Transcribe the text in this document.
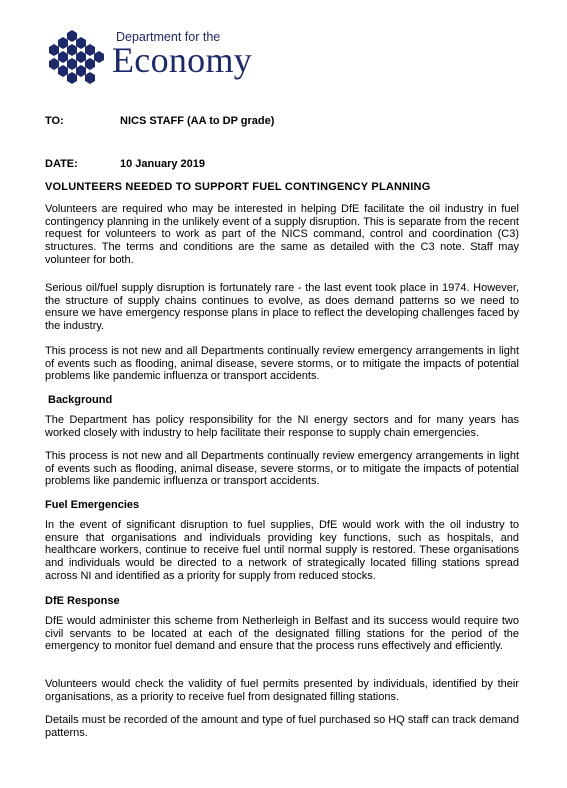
Department for the
Economy
TO:	NICS STAFF (AA to DP grade)
DATE:	10 January 2019
VOLUNTEERS NEEDED TO SUPPORT FUEL CONTINGENCY PLANNING

Volunteers are required who may be interested in helping DfE facilitate the oil industry in fuel contingency planning in the unlikely event of a supply disruption. This is separate from the recent request for volunteers to work as part of the NICS command, control and coordination (C3) structures. The terms and conditions are the same as detailed with the C3 note. Staff may volunteer for both.

Serious oil/fuel supply disruption is fortunately rare - the last event took place in 1974. However, the structure of supply chains continues to evolve, as does demand patterns so we need to ensure we have emergency response plans in place to reflect the developing challenges faced by the industry.

This process is not new and all Departments continually review emergency arrangements in light of events such as flooding, animal disease, severe storms, or to mitigate the impacts of potential problems like pandemic influenza or transport accidents.

Background

The Department has policy responsibility for the NI energy sectors and for many years has worked closely with industry to help facilitate their response to supply chain emergencies.

This process is not new and all Departments continually review emergency arrangements in light of events such as flooding, animal disease, severe storms, or to mitigate the impacts of potential problems like pandemic influenza or transport accidents.

Fuel Emergencies

In the event of significant disruption to fuel supplies, DfE would work with the oil industry to ensure that organisations and individuals providing key functions, such as hospitals, and healthcare workers, continue to receive fuel until normal supply is restored. These organisations and individuals would be directed to a network of strategically located filling stations spread across NI and identified as a priority for supply from reduced stocks.

DfE Response

DfE would administer this scheme from Netherleigh in Belfast and its success would require two civil servants to be located at each of the designated filling stations for the period of the emergency to monitor fuel demand and ensure that the process runs effectively and efficiently.

Volunteers would check the validity of fuel permits presented by individuals, identified by their organisations, as a priority to receive fuel from designated filling stations.

Details must be recorded of the amount and type of fuel purchased so HQ staff can track demand patterns.
